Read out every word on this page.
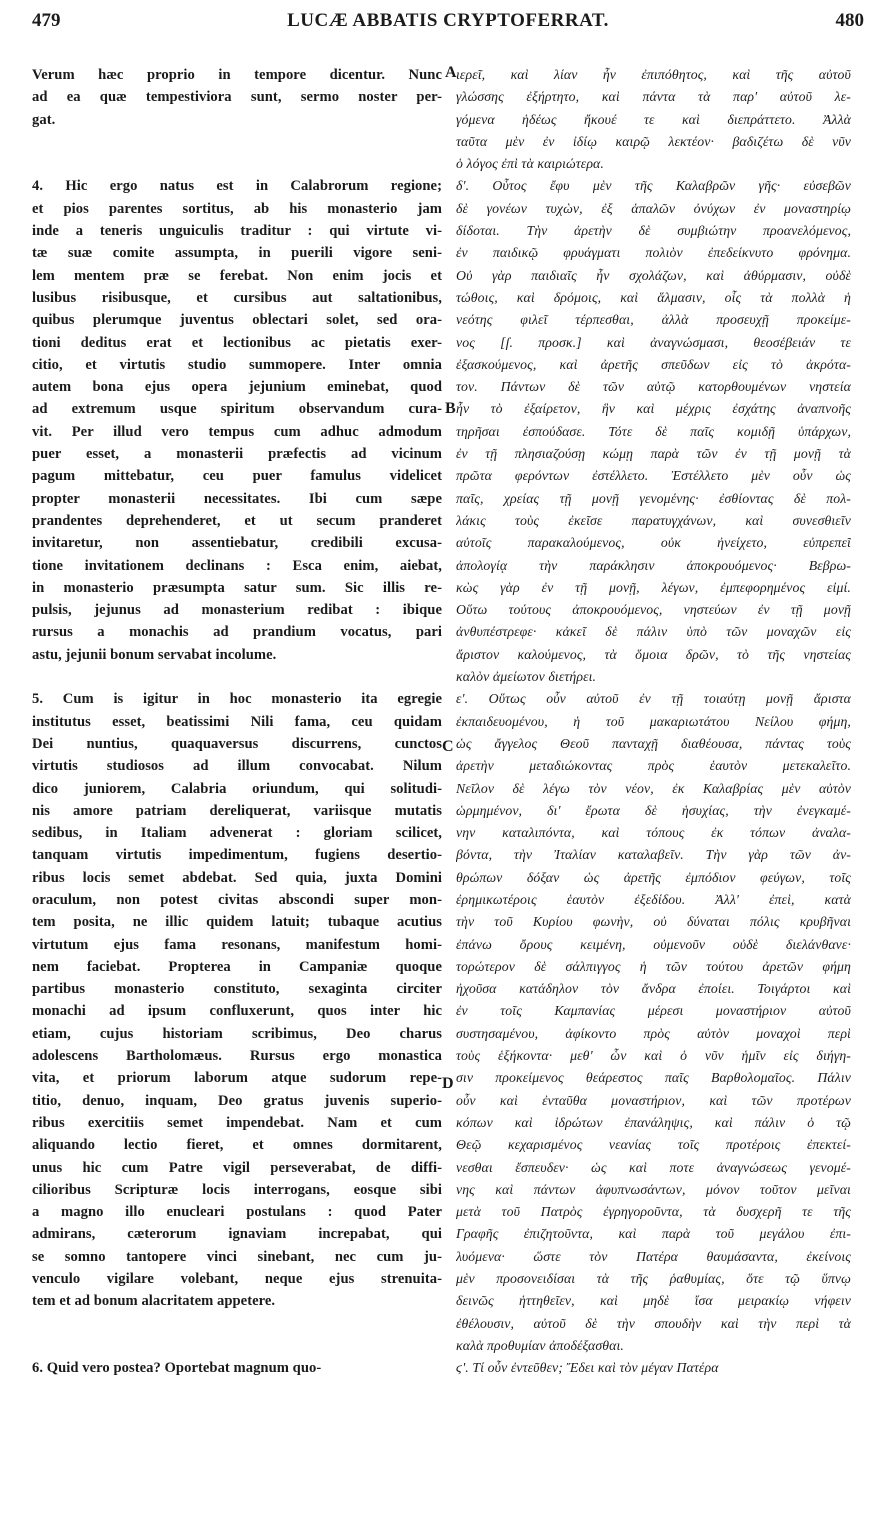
479	LUCÆ ABBATIS CRYPTOFERRAT.	480
Verum hæc proprio in tempore dicentur. Nunc
ad ea quæ tempestiviora sunt, sermo noster per-
gat.
4. Hic ergo natus est in Calabrorum regione;
et pios parentes sortitus, ab his monasterio jam
inde a teneris unguiculis traditur : qui virtute vi-
tæ suæ comite assumpta, in puerili vigore seni-
lem mentem præ se ferebat. Non enim jocis et
lusibus risibusque, et cursibus aut saltationibus,
quibus plerumque juventus oblectari solet, sed ora-
tioni deditus erat et lectionibus ac pietatis exer-
citio, et virtutis studio summopere. Inter omnia
autem bona ejus opera jejunium eminebat, quod
ad extremum usque spiritum observandum cura-
vit. Per illud vero tempus cum adhuc admodum
puer esset, a monasterii præfectis ad vicinum
pagum mittebatur, ceu puer famulus videlicet
propter monasterii necessitates. Ibi cum sæpe
prandentes deprehenderet, et ut secum pranderet
invitaretur, non assentiebatur, credibili excusa-
tione invitationem declinans : Esca enim, aiebat,
in monasterio præsumpta satur sum. Sic illis re-
pulsis, jejunus ad monasterium redibat : ibique
rursus a monachis ad prandium vocatus, pari
astu, jejunii bonum servabat incolume.
5. Cum is igitur in hoc monasterio ita egregie
institutus esset, beatissimi Nili fama, ceu quidam
Dei nuntius, quaquaversus discurrens, cunctos
virtutis studiosos ad illum convocabat. Nilum
dico juniorem, Calabria oriundum, qui solitudi-
nis amore patriam dereliquerat, variisque mutatis
sedibus, in Italiam advenerat : gloriam scilicet,
tanquam virtutis impedimentum, fugiens desertio-
ribus locis semet abdebat. Sed quia, juxta Domini
oraculum, non potest civitas abscondi super mon-
tem posita, ne illic quidem latuit; tubaque acutius
virtutum ejus fama resonans, manifestum homi-
nem faciebat. Propterea in Campaniæ quoque
partibus monasterio constituto, sexaginta circiter
monachi ad ipsum confluxerunt, quos inter hic
etiam, cujus historiam scribimus, Deo charus
adolescens Bartholomæus. Rursus ergo monastica
vita, et priorum laborum atque sudorum repe-
titio, denuo, inquam, Deo gratus juvenis superio-
ribus exercitiis semet impendebat. Nam et cum
aliquando lectio fieret, et omnes dormitarent,
unus hic cum Patre vigil perseverabat, de diffi-
cilioribus Scripturæ locis interrogans, eosque sibi
a magno illo enucleari postulans : quod Pater
admirans, cæterorum ignaviam increpabat, qui
se somno tantopere vinci sinebant, nec cum ju-
venculo vigilare volebant, neque ejus strenuita-
tem et ad bonum alacritatem appetere.
6. Quid vero postea? Oportebat magnum quo-
ιερεῖ, καὶ λίαν ἦν ἐπιπόθητος, καὶ τῆς αὐτοῦ
γλώσσης ἐξήρτητο, καὶ πάντα τὰ παρ' αὐτοῦ λε-
γόμενα ἡδέως ἤκουέ τε καὶ διεπράττετο. Ἀλλὰ
ταῦτα μὲν ἐν ἰδίῳ καιρῷ λεκτέον· βαδιζέτω δὲ νῦν
ὁ λόγος ἐπὶ τὰ καιριώτερα.
δ'. Οὗτος ἔφυ μὲν τῆς Καλαβρῶν γῆς· εὐσεβῶν
δὲ γονέων τυχὼν, ἐξ ἁπαλῶν ὀνύχων ἐν μοναστηρίῳ
δίδοται. Τὴν ἀρετὴν δὲ συμβιώτην προανελόμενος,
ἐν παιδικῷ φρυάγματι πολιὸν ἐπεδείκνυτο φρόνημα.
Οὐ γὰρ παιδιαῖς ἦν σχολάζων, καὶ ἀθύρμασιν, οὐδὲ
τώθοις, καὶ δρόμοις, καὶ ἅλμασιν, οἷς τὰ πολλὰ ἡ
νεότης φιλεῖ τέρπεσθαι, ἀλλὰ προσευχῇ προκείμε-
νος [ſ. προσκ.] καὶ ἀναγνώσμασι, θεοσέβειάν τε
ἐξασκούμενος, καὶ ἀρετῆς σπεῦδων εἰς τὸ ἀκρότα-
τον. Πάντων δὲ τῶν αὐτῷ κατορθουμένων νηστεία
ἦν τὸ ἐξαίρετον, ἣν καὶ μέχρις ἐσχάτης ἀναπνοῆς
τηρῆσαι ἐσπούδασε. Τότε δὲ παῖς κομιδῇ ὑπάρχων,
ἐν τῇ πλησιαζούσῃ κώμῃ παρὰ τῶν ἐν τῇ μονῇ τὰ
πρῶτα φερόντων ἐστέλλετο. Ἐστέλλετο μὲν οὖν ὡς
παῖς, χρείας τῇ μονῇ γενομένης· ἐσθίοντας δὲ πολ-
λάκις τοὺς ἐκεῖσε παρατυγχάνων, καὶ συνεσθιεῖν
αὐτοῖς παρακαλούμενος, οὐκ ἠνείχετο, εὐπρεπεῖ
ἀπολογίᾳ τὴν παράκλησιν ἀποκρουόμενος· Βεβρω-
κὼς γὰρ ἐν τῇ μονῇ, λέγων, ἐμπεφορημένος εἰμί.
Οὕτω τούτους ἀποκρουόμενος, νηστεύων ἐν τῇ μονῇ
ἀνθυπέστρεφε· κἀκεῖ δὲ πάλιν ὑπὸ τῶν μοναχῶν εἰς
ἄριστον καλούμενος, τὰ ὅμοια δρῶν, τὸ τῆς νηστείας
καλὸν ἀμείωτον διετήρει.
ε'. Οὕτως οὖν αὐτοῦ ἐν τῇ τοιαύτῃ μονῇ ἄριστα
ἐκπαιδευομένου, ἡ τοῦ μακαριωτάτου Νείλου φήμη,
ὡς ἄγγελος Θεοῦ πανταχῇ διαθέουσα, πάντας τοὺς
ἀρετὴν μεταδιώκοντας πρὸς ἑαυτὸν μετεκαλεῖτο.
Νεῖλον δὲ λέγω τὸν νέον, ἐκ Καλαβρίας μὲν αὐτὸν
ὡρμημένον, δι' ἔρωτα δὲ ἡσυχίας, τὴν ἐνεγκαμέ-
νην καταλιπόντα, καὶ τόπους ἐκ τόπων ἀναλα-
βόντα, τὴν Ἰταλίαν καταλαβεῖν. Τὴν γὰρ τῶν ἀν-
θρώπων δόξαν ὡς ἀρετῆς ἐμπόδιον φεύγων, τοῖς
ἐρημικωτέροις ἑαυτὸν ἐξεδίδου. Ἀλλ' ἐπεὶ, κατὰ
τὴν τοῦ Κυρίου φωνὴν, οὐ δύναται πόλις κρυβῆναι
ἐπάνω ὄρους κειμένη, οὐμενοῦν οὐδὲ διελάνθανε·
τορώτερον δὲ σάλπιγγος ἡ τῶν τούτου ἀρετῶν φήμη
ἠχοῦσα κατάδηλον τὸν ἄνδρα ἐποίει. Τοιγάρτοι καὶ
ἐν τοῖς Καμπανίας μέρεσι μοναστήριον αὐτοῦ
συστησαμένου, ἀφίκοντο πρὸς αὐτὸν μοναχοὶ περὶ
τοὺς ἑξήκοντα· μεθ' ὧν καὶ ὁ νῦν ἡμῖν εἰς διήγη-
σιν προκείμενος θεάρεστος παῖς Βαρθολομαῖος. Πάλιν
οὖν καὶ ἐνταῦθα μοναστήριον, καὶ τῶν προτέρων
κόπων καὶ ἱδρώτων ἐπανάληψις, καὶ πάλιν ὁ τῷ
Θεῷ κεχαρισμένος νεανίας τοῖς προτέροις ἐπεκτεί-
νεσθαι ἔσπευδεν· ὡς καὶ ποτε ἀναγνώσεως γενομέ-
νης καὶ πάντων ἀφυπνωσάντων, μόνον τοῦτον μεῖναι
μετὰ τοῦ Πατρὸς ἐγρηγοροῦντα, τὰ δυσχερῆ τε τῆς
Γραφῆς ἐπιζητοῦντα, καὶ παρὰ τοῦ μεγάλου ἐπι-
λυόμενα· ὥστε τὸν Πατέρα θαυμάσαντα, ἐκείνοις
μὲν προσονειδίσαι τὰ τῆς ῥαθυμίας, ὅτε τῷ ὕπνῳ
δεινῶς ἡττηθεῖεν, καὶ μηδὲ ἴσα μειρακίῳ νήφειν
ἐθέλουσιν, αὐτοῦ δὲ τὴν σπουδὴν καὶ τὴν περὶ τὰ
καλὰ προθυμίαν ἀποδέξασθαι.
ϛ'. Τί οὖν ἐντεῦθεν; Ἔδει καὶ τὸν μέγαν Πατέρα
A
B
C
D
